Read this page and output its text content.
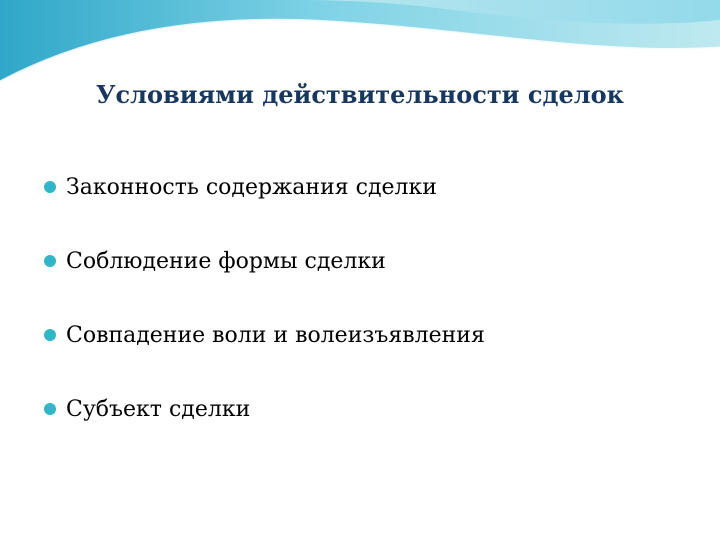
Условиями действительности сделок
Законность содержания сделки
Соблюдение формы сделки
Совпадение воли и волеизъявления
Субъект сделки
